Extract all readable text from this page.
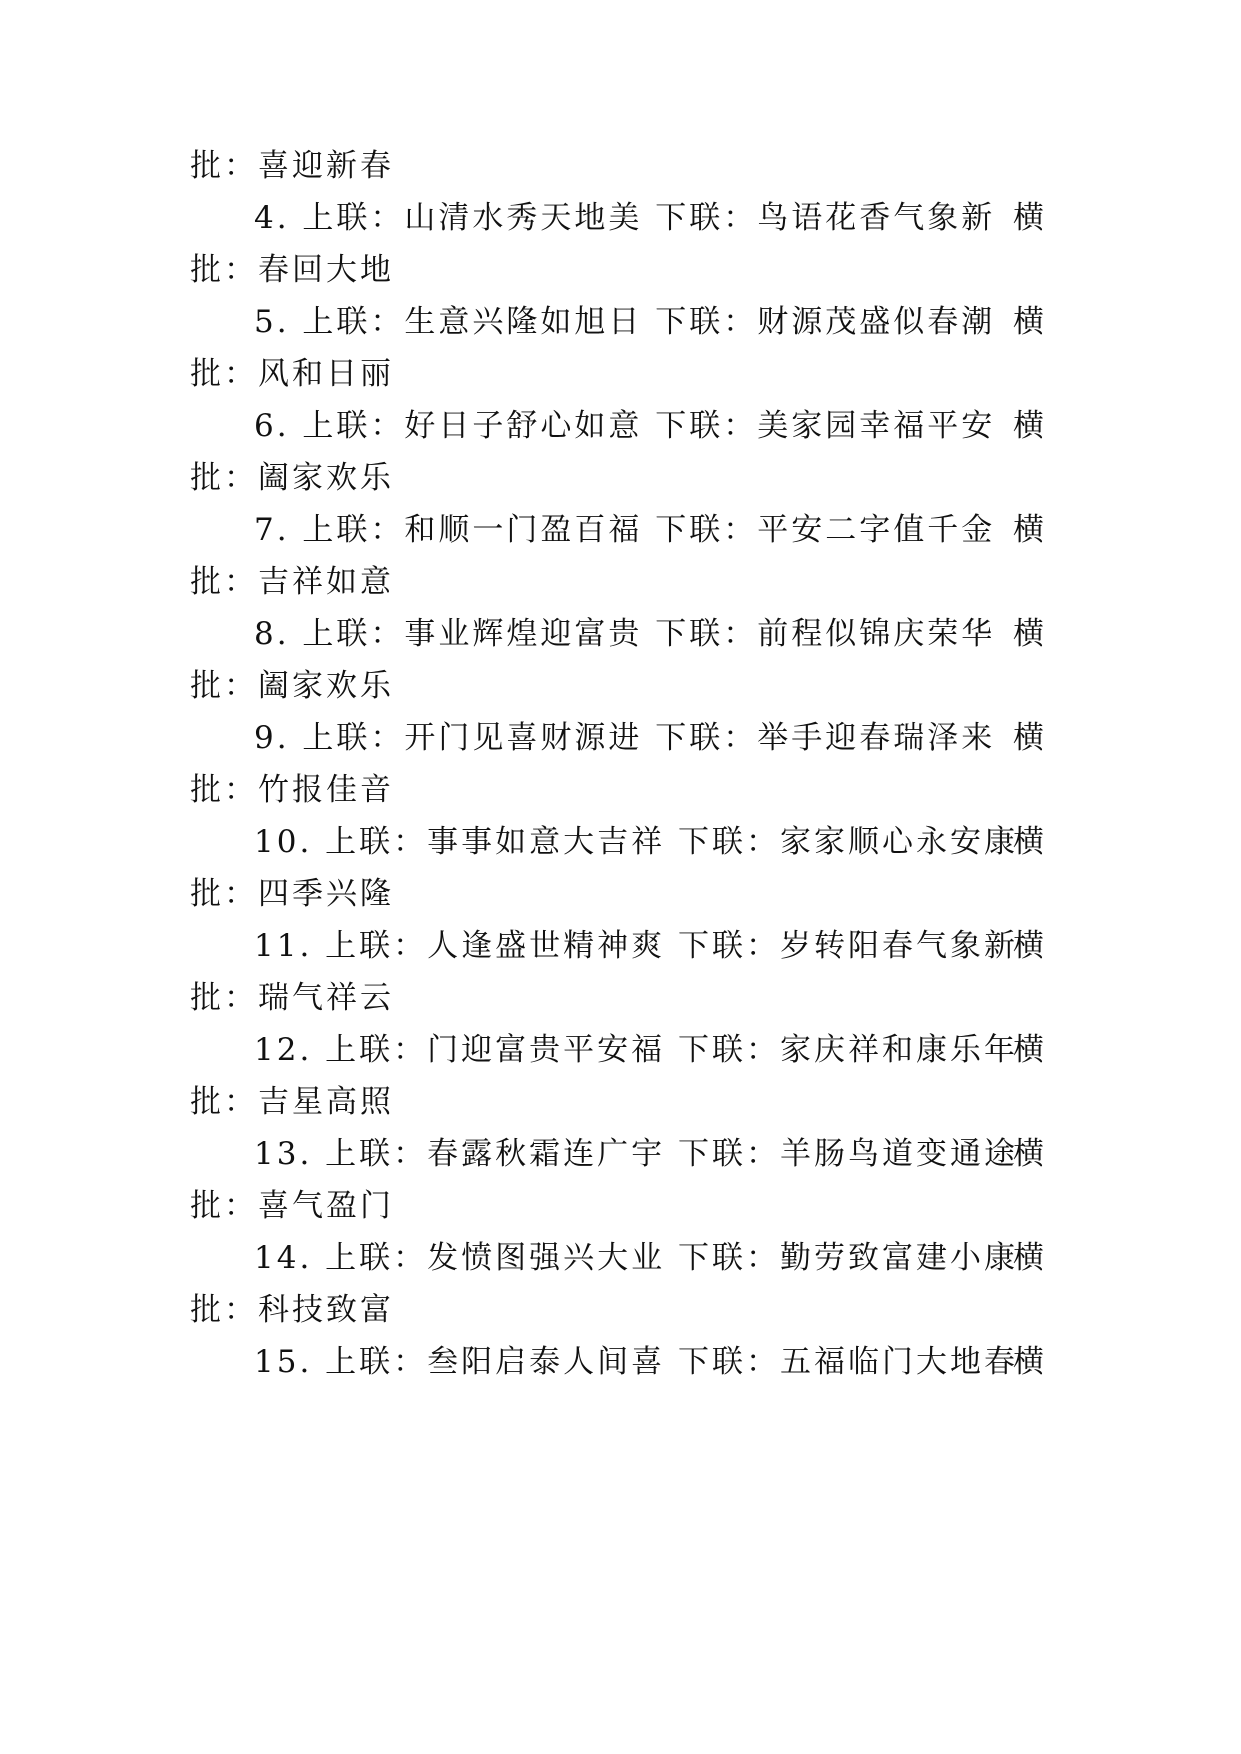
批：喜迎新春
4. 上联：山清水秀天地美 下联：鸟语花香气象新 横
批：春回大地
5. 上联：生意兴隆如旭日 下联：财源茂盛似春潮 横
批：风和日丽
6. 上联：好日子舒心如意 下联：美家园幸福平安 横
批：阖家欢乐
7. 上联：和顺一门盈百福 下联：平安二字值千金 横
批：吉祥如意
8. 上联：事业辉煌迎富贵 下联：前程似锦庆荣华 横
批：阖家欢乐
9. 上联：开门见喜财源进 下联：举手迎春瑞泽来 横
批：竹报佳音
10. 上联：事事如意大吉祥 下联：家家顺心永安康
横
批：四季兴隆
11. 上联：人逢盛世精神爽 下联：岁转阳春气象新
横
批：瑞气祥云
12. 上联：门迎富贵平安福 下联：家庆祥和康乐年
横
批：吉星高照
13. 上联：春露秋霜连广宇 下联：羊肠鸟道变通途
横
批：喜气盈门
14. 上联：发愤图强兴大业 下联：勤劳致富建小康
横
批：科技致富
15. 上联：叁阳启泰人间喜 下联：五福临门大地春
横
